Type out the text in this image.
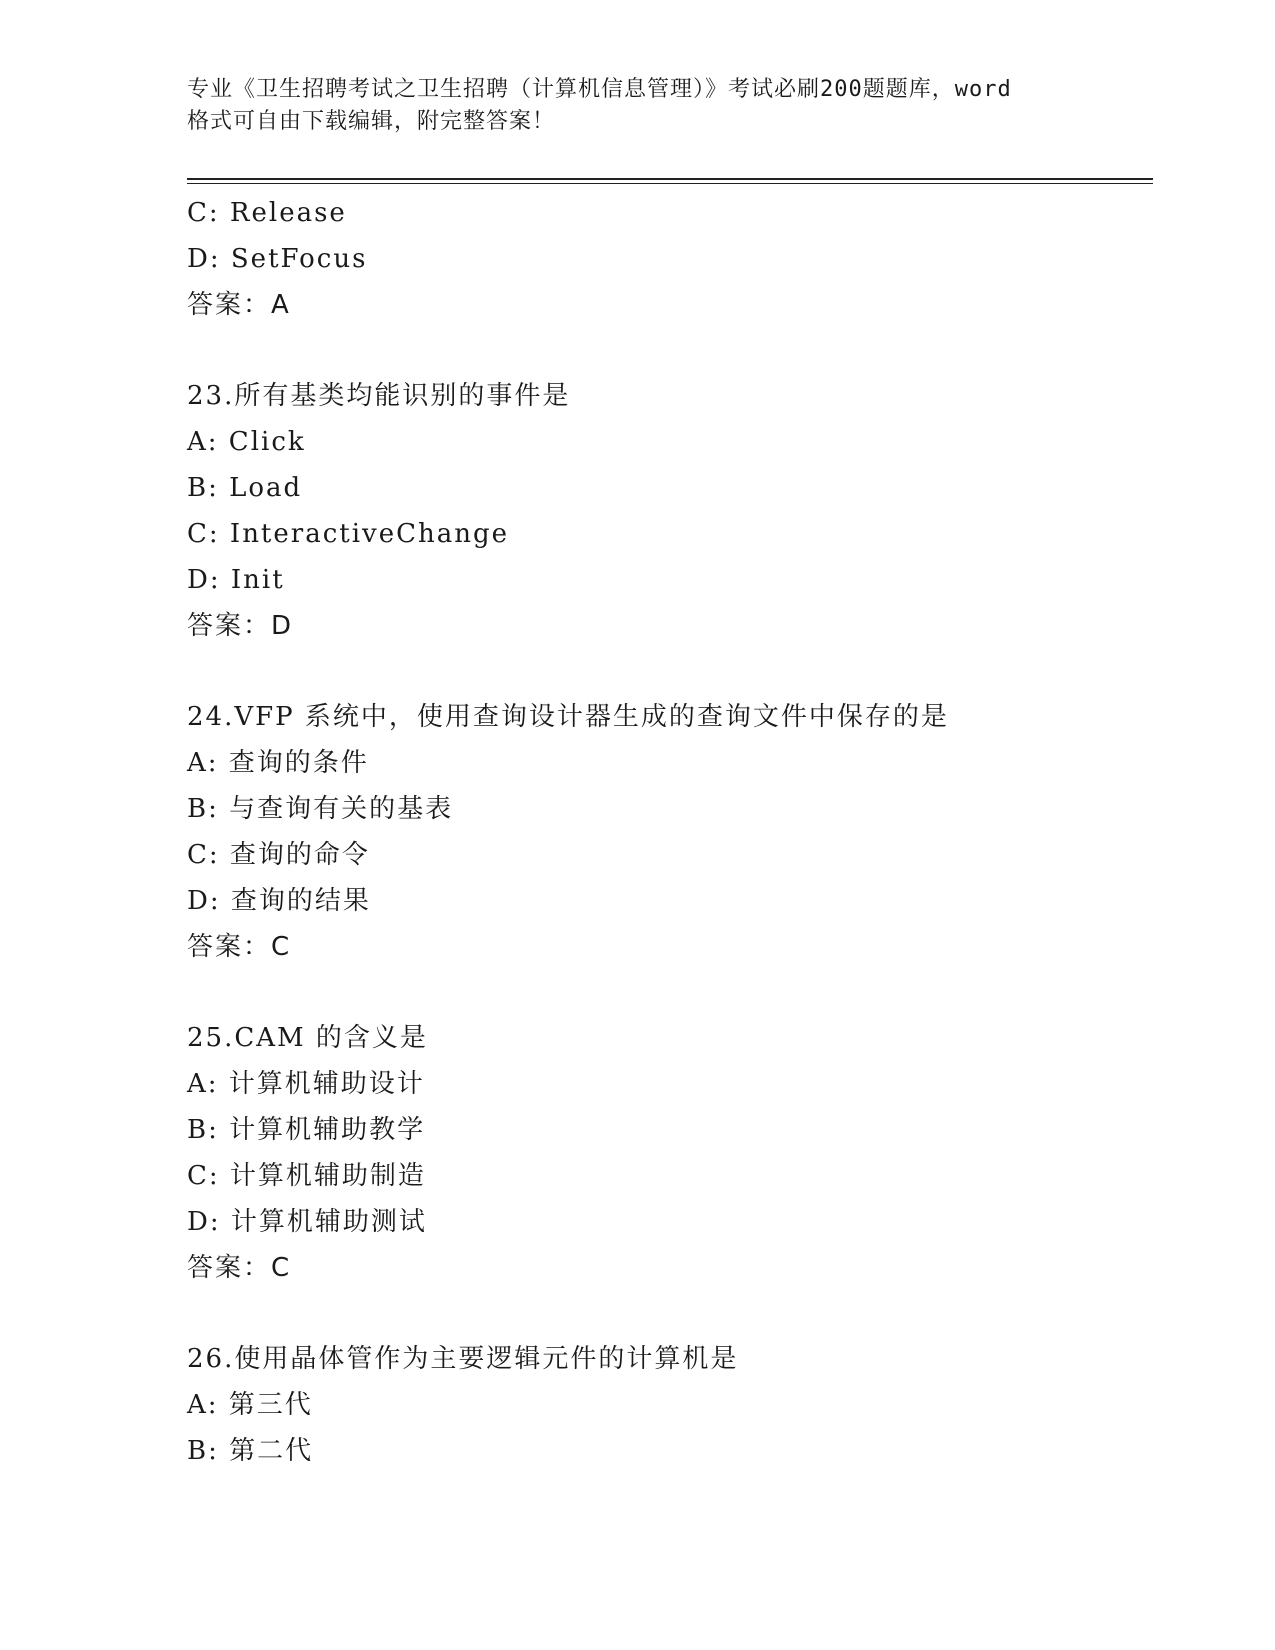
专业《卫生招聘考试之卫生招聘（计算机信息管理）》考试必刷200题题库，word
格式可自由下载编辑，附完整答案！
C: Release
D: SetFocus
答案：A
23.所有基类均能识别的事件是
A: Click
B: Load
C: InteractiveChange
D: Init
答案：D
24.VFP 系统中，使用查询设计器生成的查询文件中保存的是
A: 查询的条件
B: 与查询有关的基表
C: 查询的命令
D: 查询的结果
答案：C
25.CAM 的含义是
A: 计算机辅助设计
B: 计算机辅助教学
C: 计算机辅助制造
D: 计算机辅助测试
答案：C
26.使用晶体管作为主要逻辑元件的计算机是
A: 第三代
B: 第二代
